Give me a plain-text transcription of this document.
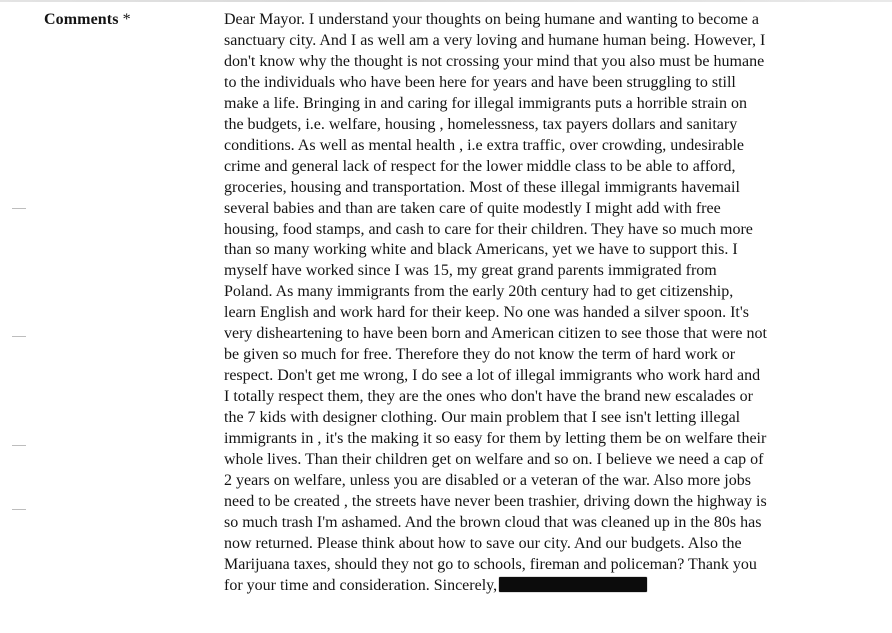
Comments *	Dear Mayor. I understand your thoughts on being humane and wanting to become a
sanctuary city. And I as well am a very loving and humane human being. However, I
don't know why the thought is not crossing your mind that you also must be humane
to the individuals who have been here for years and have been struggling to still
make a life. Bringing in and caring for illegal immigrants puts a horrible strain on
the budgets, i.e. welfare, housing , homelessness, tax payers dollars and sanitary
conditions. As well as mental health , i.e extra traffic, over crowding, undesirable
crime and general lack of respect for the lower middle class to be able to afford,
groceries, housing and transportation. Most of these illegal immigrants havemail
several babies and than are taken care of quite modestly I might add with free
housing, food stamps, and cash to care for their children. They have so much more
than so many working white and black Americans, yet we have to support this. I
myself have worked since I was 15, my great grand parents immigrated from
Poland. As many immigrants from the early 20th century had to get citizenship,
learn English and work hard for their keep. No one was handed a silver spoon. It's
very disheartening to have been born and American citizen to see those that were not
be given so much for free. Therefore they do not know the term of hard work or
respect. Don't get me wrong, I do see a lot of illegal immigrants who work hard and
I totally respect them, they are the ones who don't have the brand new escalades or
the 7 kids with designer clothing. Our main problem that I see isn't letting illegal
immigrants in , it's the making it so easy for them by letting them be on welfare their
whole lives. Than their children get on welfare and so on. I believe we need a cap of
2 years on welfare, unless you are disabled or a veteran of the war. Also more jobs
need to be created , the streets have never been trashier, driving down the highway is
so much trash I'm ashamed. And the brown cloud that was cleaned up in the 80s has
now returned. Please think about how to save our city. And our budgets. Also the
Marijuana taxes, should they not go to schools, fireman and policeman? Thank you
for your time and consideration. Sincerely,
